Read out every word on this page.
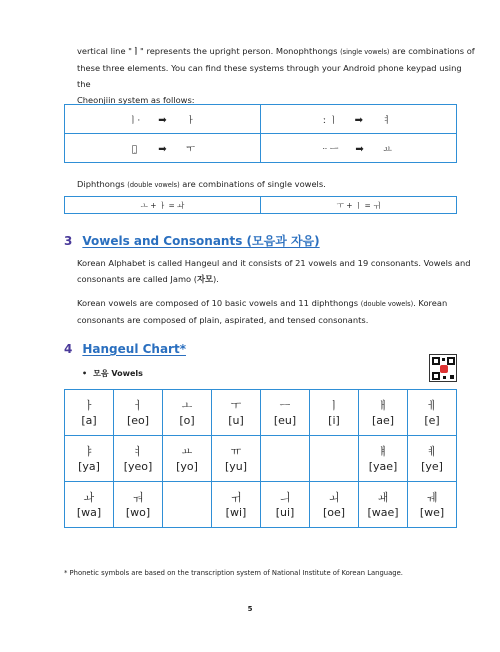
vertical line "ㅣ" represents the upright person. Monophthongs (single vowels) are combinations of
these three elements. You can find these systems through your Android phone keypad using the
Cheonjiin system as follows:
ㅣ· ➡ ㅏ	ː ㅣ ➡ ㅕ
ㅡ̣ ➡ ㅜ	ᐧᐧ ㅡ ➡ ㅛ
Diphthongs (double vowels) are combinations of single vowels.
ㅗ + ㅏ = ㅘ	ㅜ + ㅣ = ㅟ
3 Vowels and Consonants (모음과 자음)
Korean Alphabet is called Hangeul and it consists of 21 vowels and 19 consonants. Vowels and
consonants are called Jamo (자모).
Korean vowels are composed of 10 basic vowels and 11 diphthongs (double vowels). Korean
consonants are composed of plain, aspirated, and tensed consonants.
4 Hangeul Chart*
• 모음 Vowels
ㅏ
[a]	ㅓ
[eo]	ㅗ
[o]	ㅜ
[u]	ㅡ
[eu]	ㅣ
[i]	ㅐ
[ae]	ㅔ
[e]

ㅑ
[ya]	ㅕ
[yeo]	ㅛ
[yo]	ㅠ
[yu]			ㅒ
[yae]	ㅖ
[ye]

ㅘ
[wa]	ㅝ
[wo]		ㅟ
[wi]	ㅢ
[ui]	ㅚ
[oe]	ㅙ
[wae]	ㅞ
[we]
* Phonetic symbols are based on the transcription system of National Institute of Korean Language.
5
